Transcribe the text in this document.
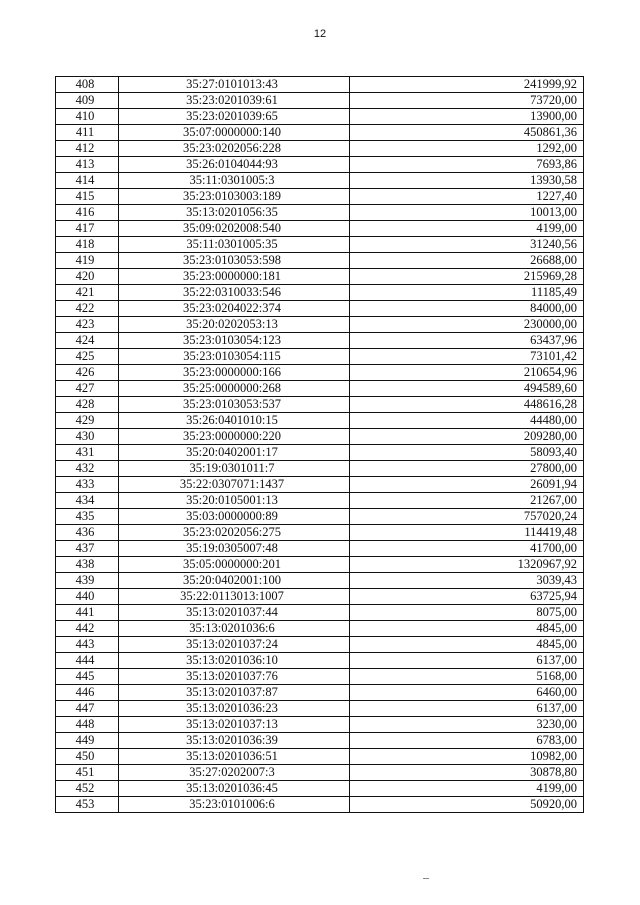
12
408	35:27:0101013:43	241999,92
409	35:23:0201039:61	73720,00
410	35:23:0201039:65	13900,00
411	35:07:0000000:140	450861,36
412	35:23:0202056:228	1292,00
413	35:26:0104044:93	7693,86
414	35:11:0301005:3	13930,58
415	35:23:0103003:189	1227,40
416	35:13:0201056:35	10013,00
417	35:09:0202008:540	4199,00
418	35:11:0301005:35	31240,56
419	35:23:0103053:598	26688,00
420	35:23:0000000:181	215969,28
421	35:22:0310033:546	11185,49
422	35:23:0204022:374	84000,00
423	35:20:0202053:13	230000,00
424	35:23:0103054:123	63437,96
425	35:23:0103054:115	73101,42
426	35:23:0000000:166	210654,96
427	35:25:0000000:268	494589,60
428	35:23:0103053:537	448616,28
429	35:26:0401010:15	44480,00
430	35:23:0000000:220	209280,00
431	35:20:0402001:17	58093,40
432	35:19:0301011:7	27800,00
433	35:22:0307071:1437	26091,94
434	35:20:0105001:13	21267,00
435	35:03:0000000:89	757020,24
436	35:23:0202056:275	114419,48
437	35:19:0305007:48	41700,00
438	35:05:0000000:201	1320967,92
439	35:20:0402001:100	3039,43
440	35:22:0113013:1007	63725,94
441	35:13:0201037:44	8075,00
442	35:13:0201036:6	4845,00
443	35:13:0201037:24	4845,00
444	35:13:0201036:10	6137,00
445	35:13:0201037:76	5168,00
446	35:13:0201037:87	6460,00
447	35:13:0201036:23	6137,00
448	35:13:0201037:13	3230,00
449	35:13:0201036:39	6783,00
450	35:13:0201036:51	10982,00
451	35:27:0202007:3	30878,80
452	35:13:0201036:45	4199,00
453	35:23:0101006:6	50920,00
